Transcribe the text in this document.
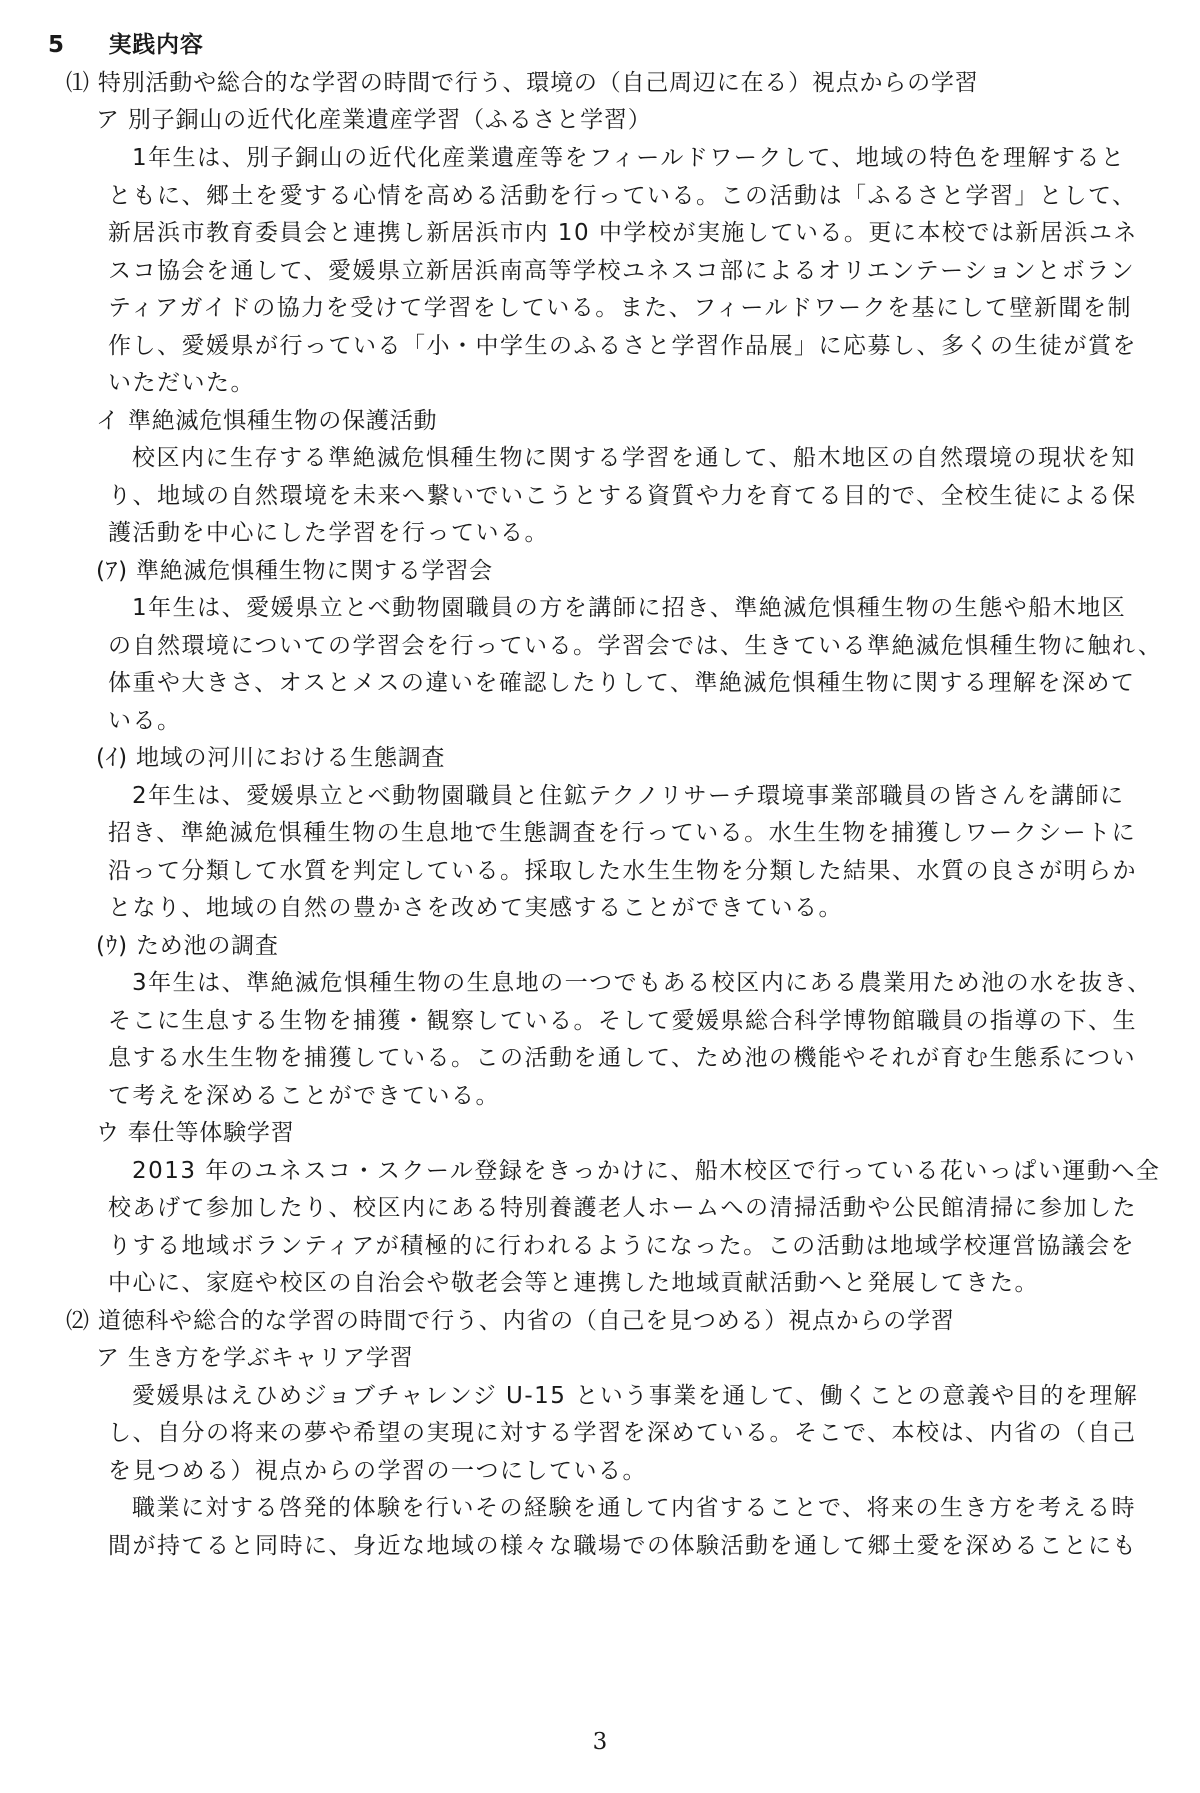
5 実践内容
⑴ 特別活動や総合的な学習の時間で行う、環境の（自己周辺に在る）視点からの学習
ア 別子銅山の近代化産業遺産学習（ふるさと学習）
1年生は、別子銅山の近代化産業遺産等をフィールドワークして、地域の特色を理解すると
ともに、郷土を愛する心情を高める活動を行っている。この活動は「ふるさと学習」として、
新居浜市教育委員会と連携し新居浜市内 10 中学校が実施している。更に本校では新居浜ユネ
スコ協会を通して、愛媛県立新居浜南高等学校ユネスコ部によるオリエンテーションとボラン
ティアガイドの協力を受けて学習をしている。また、フィールドワークを基にして壁新聞を制
作し、愛媛県が行っている「小・中学生のふるさと学習作品展」に応募し、多くの生徒が賞を
いただいた。
イ 準絶滅危惧種生物の保護活動
校区内に生存する準絶滅危惧種生物に関する学習を通して、船木地区の自然環境の現状を知
り、地域の自然環境を未来へ繋いでいこうとする資質や力を育てる目的で、全校生徒による保
護活動を中心にした学習を行っている。
(ｱ) 準絶滅危惧種生物に関する学習会
1年生は、愛媛県立とべ動物園職員の方を講師に招き、準絶滅危惧種生物の生態や船木地区
の自然環境についての学習会を行っている。学習会では、生きている準絶滅危惧種生物に触れ、
体重や大きさ、オスとメスの違いを確認したりして、準絶滅危惧種生物に関する理解を深めて
いる。
(ｲ) 地域の河川における生態調査
2年生は、愛媛県立とべ動物園職員と住鉱テクノリサーチ環境事業部職員の皆さんを講師に
招き、準絶滅危惧種生物の生息地で生態調査を行っている。水生生物を捕獲しワークシートに
沿って分類して水質を判定している。採取した水生生物を分類した結果、水質の良さが明らか
となり、地域の自然の豊かさを改めて実感することができている。
(ｳ) ため池の調査
3年生は、準絶滅危惧種生物の生息地の一つでもある校区内にある農業用ため池の水を抜き、
そこに生息する生物を捕獲・観察している。そして愛媛県総合科学博物館職員の指導の下、生
息する水生生物を捕獲している。この活動を通して、ため池の機能やそれが育む生態系につい
て考えを深めることができている。
ウ 奉仕等体験学習
2013 年のユネスコ・スクール登録をきっかけに、船木校区で行っている花いっぱい運動へ全
校あげて参加したり、校区内にある特別養護老人ホームへの清掃活動や公民館清掃に参加した
りする地域ボランティアが積極的に行われるようになった。この活動は地域学校運営協議会を
中心に、家庭や校区の自治会や敬老会等と連携した地域貢献活動へと発展してきた。
⑵ 道徳科や総合的な学習の時間で行う、内省の（自己を見つめる）視点からの学習
ア 生き方を学ぶキャリア学習
愛媛県はえひめジョブチャレンジ U-15 という事業を通して、働くことの意義や目的を理解
し、自分の将来の夢や希望の実現に対する学習を深めている。そこで、本校は、内省の（自己
を見つめる）視点からの学習の一つにしている。
職業に対する啓発的体験を行いその経験を通して内省することで、将来の生き方を考える時
間が持てると同時に、身近な地域の様々な職場での体験活動を通して郷土愛を深めることにも
3
